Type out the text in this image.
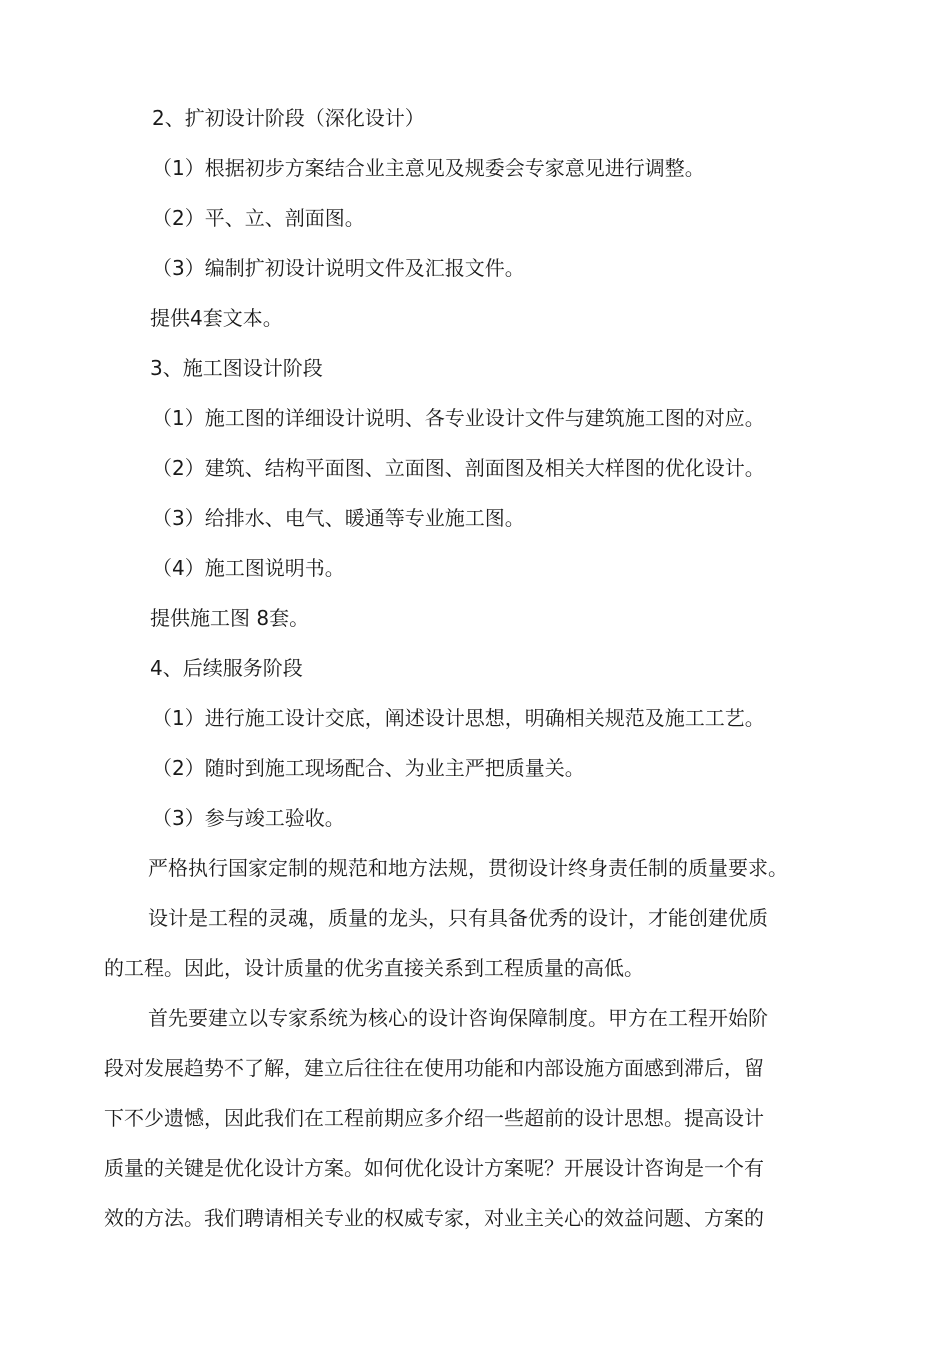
2、扩初设计阶段（深化设计）
（1）根据初步方案结合业主意见及规委会专家意见进行调整。
（2）平、立、剖面图。
（3）编制扩初设计说明文件及汇报文件。
提供4套文本。
3、施工图设计阶段
（1）施工图的详细设计说明、各专业设计文件与建筑施工图的对应。
（2）建筑、结构平面图、立面图、剖面图及相关大样图的优化设计。
（3）给排水、电气、暖通等专业施工图。
（4）施工图说明书。
提供施工图 8套。
4、后续服务阶段
（1）进行施工设计交底，阐述设计思想，明确相关规范及施工工艺。
（2）随时到施工现场配合、为业主严把质量关。
（3）参与竣工验收。
严格执行国家定制的规范和地方法规，贯彻设计终身责任制的质量要求。
设计是工程的灵魂，质量的龙头，只有具备优秀的设计，才能创建优质
的工程。因此，设计质量的优劣直接关系到工程质量的高低。
首先要建立以专家系统为核心的设计咨询保障制度。甲方在工程开始阶
段对发展趋势不了解，建立后往往在使用功能和内部设施方面感到滞后，留
下不少遗憾，因此我们在工程前期应多介绍一些超前的设计思想。提高设计
质量的关键是优化设计方案。如何优化设计方案呢？开展设计咨询是一个有
效的方法。我们聘请相关专业的权威专家，对业主关心的效益问题、方案的
